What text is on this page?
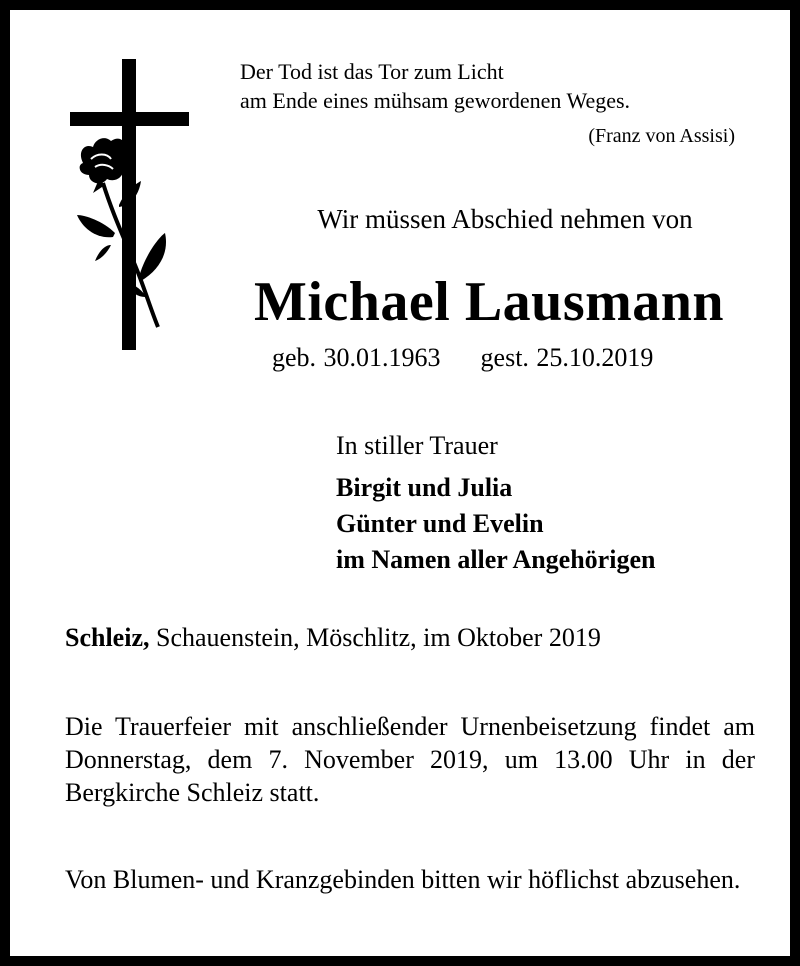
Der Tod ist das Tor zum Licht
am Ende eines mühsam gewordenen Weges.

(Franz von Assisi)

Wir müssen Abschied nehmen von

Michael Lausmann

geb. 30.01.1963 gest. 25.10.2019

In stiller Trauer

Birgit und Julia
Günter und Evelin
im Namen aller Angehörigen

Schleiz, Schauenstein, Möschlitz, im Oktober 2019

Die Trauerfeier mit anschließender Urnenbeisetzung findet am Donnerstag, dem 7. November 2019, um 13.00 Uhr in der Bergkirche Schleiz statt.

Von Blumen- und Kranzgebinden bitten wir höflichst abzusehen.
